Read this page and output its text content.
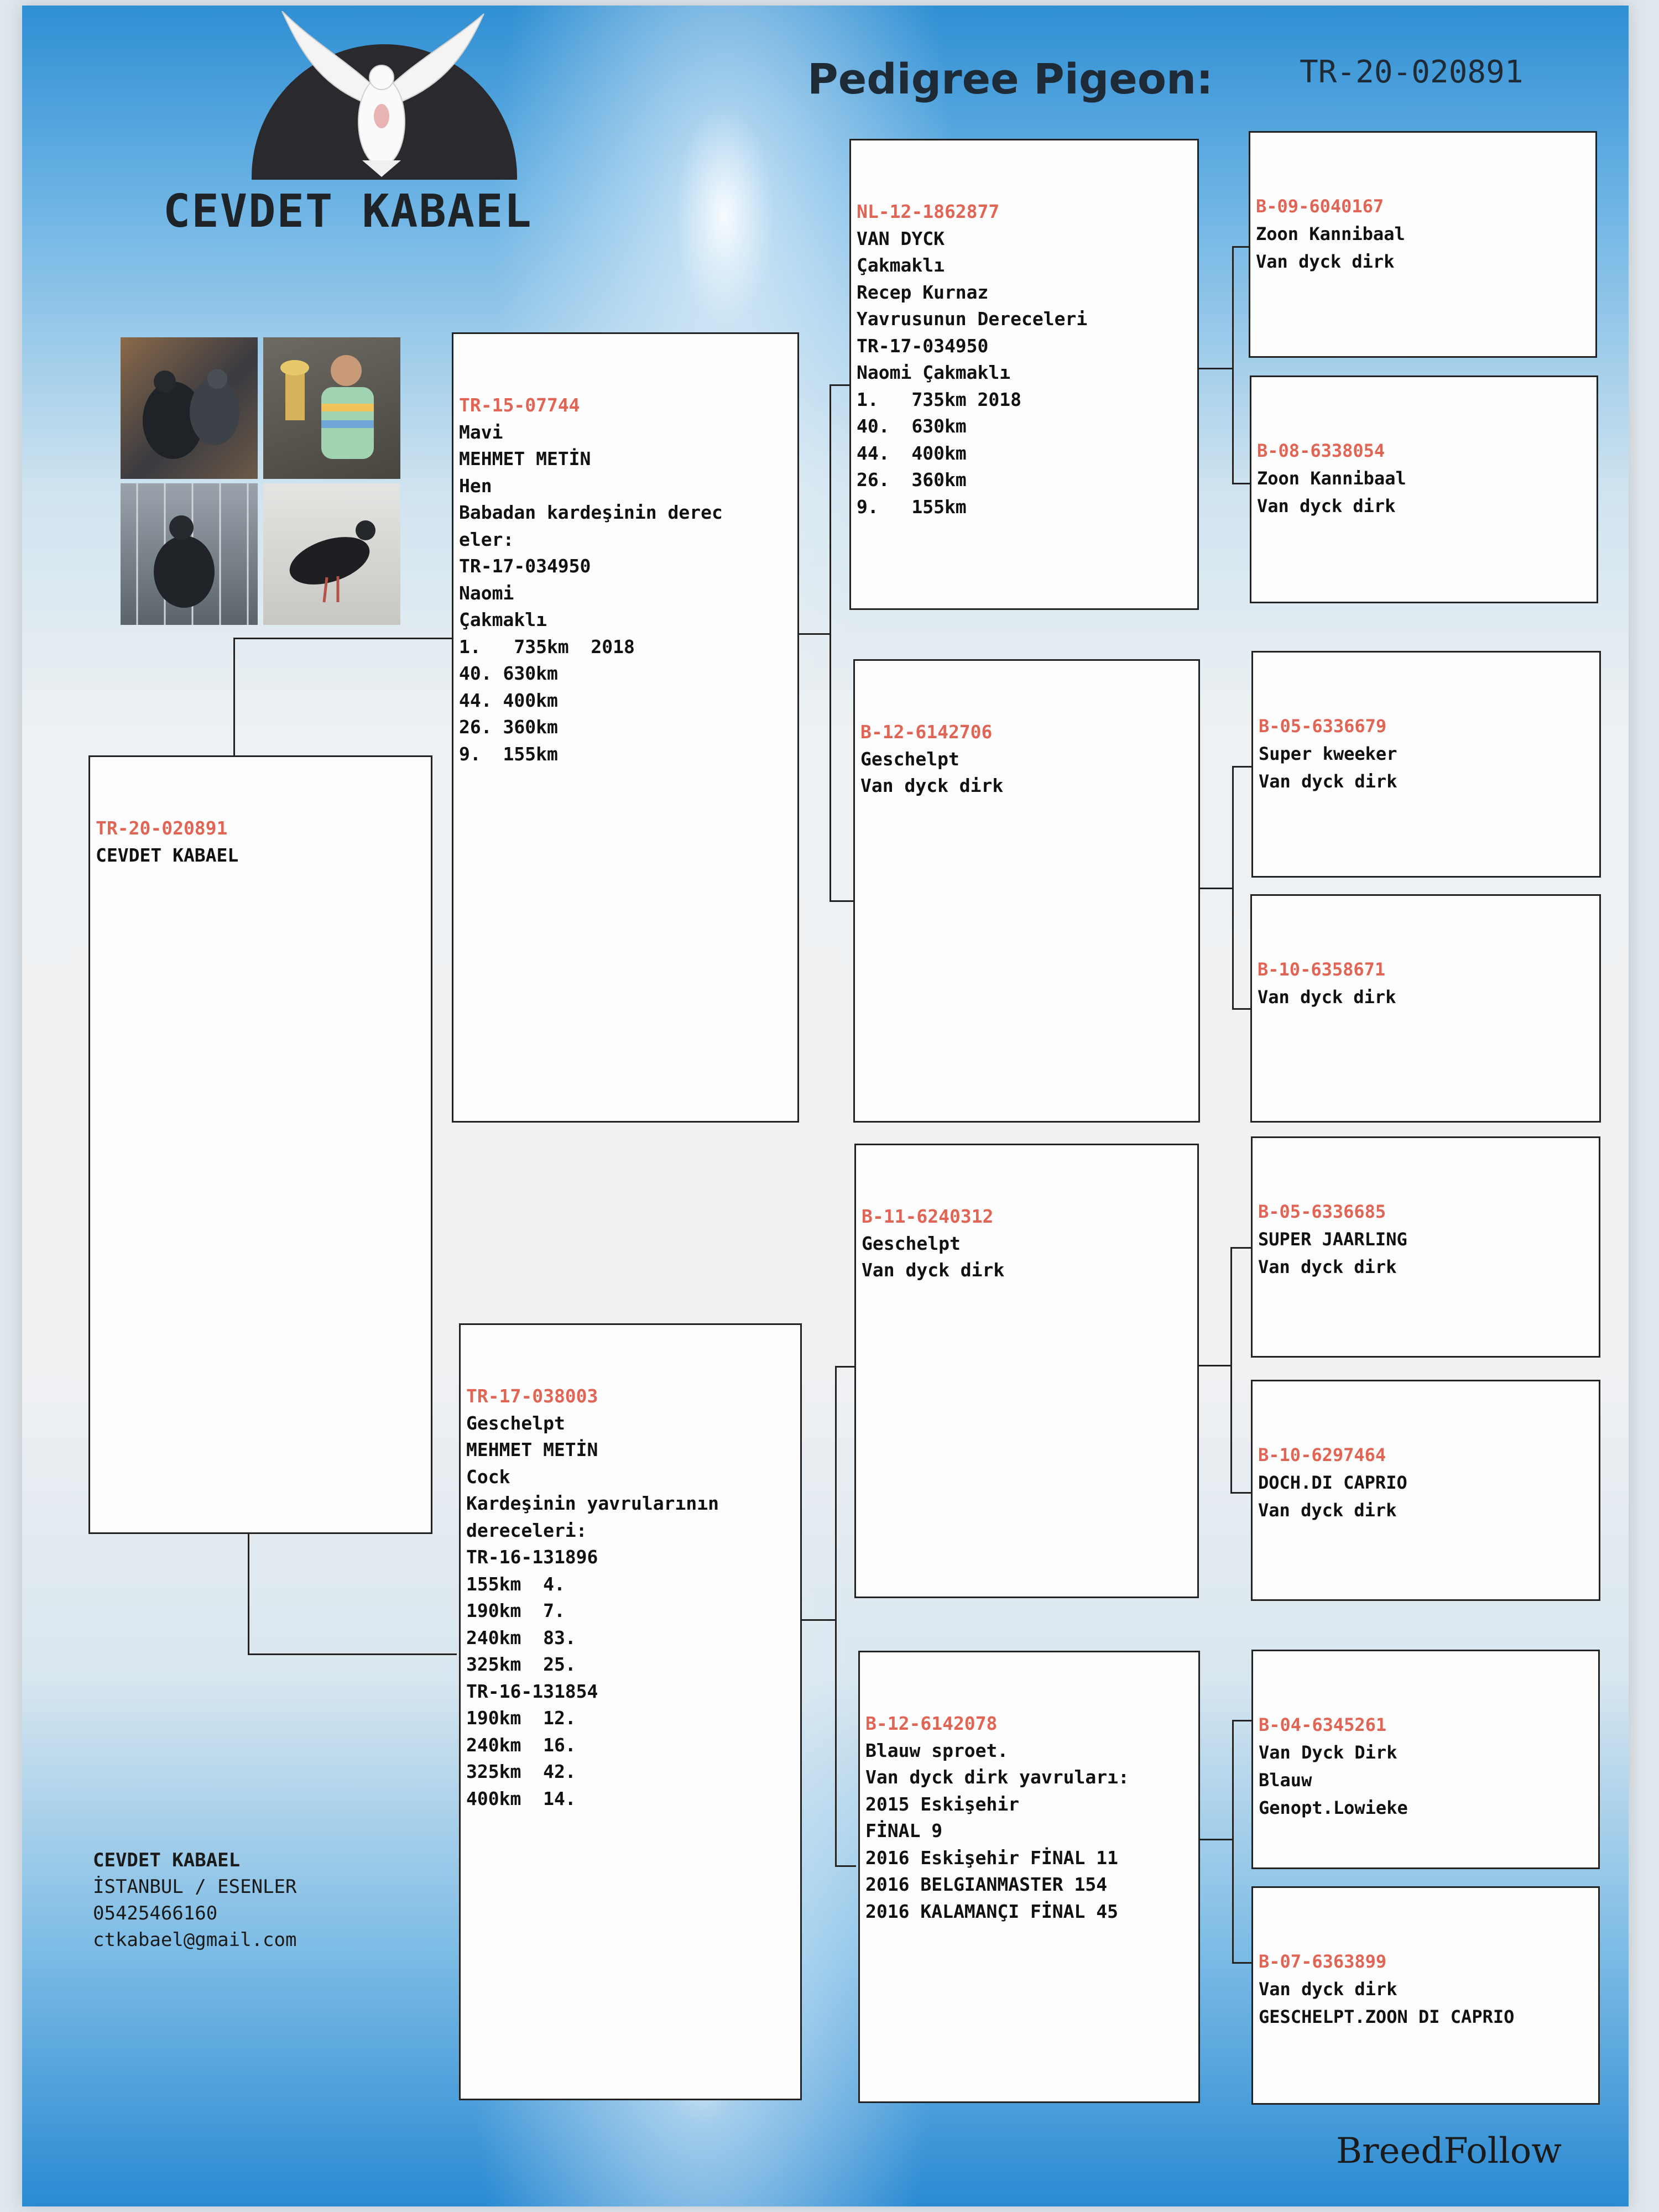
CEVDET KABAEL
Pedigree Pigeon:	TR-20-020891

TR-20-020891
CEVDET KABAEL

TR-15-07744
Mavi
MEHMET METİN
Hen
Babadan kardeşinin derec
eler:
TR-17-034950
Naomi
Çakmaklı
1.   735km  2018
40. 630km
44. 400km
26. 360km
9.  155km

TR-17-038003
Geschelpt
MEHMET METİN
Cock
Kardeşinin yavrularının
dereceleri:
TR-16-131896
155km  4.
190km  7.
240km  83.
325km  25.
TR-16-131854
190km  12.
240km  16.
325km  42.
400km  14.

NL-12-1862877
VAN DYCK
Çakmaklı
Recep Kurnaz
Yavrusunun Dereceleri
TR-17-034950
Naomi Çakmaklı
1.   735km 2018
40.  630km
44.  400km
26.  360km
9.   155km

B-12-6142706
Geschelpt
Van dyck dirk

B-11-6240312
Geschelpt
Van dyck dirk

B-12-6142078
Blauw sproet.
Van dyck dirk yavruları:
2015 Eskişehir
FİNAL 9
2016 Eskişehir FİNAL 11
2016 BELGIANMASTER 154
2016 KALAMANÇI FİNAL 45

B-09-6040167
Zoon Kannibaal
Van dyck dirk

B-08-6338054
Zoon Kannibaal
Van dyck dirk

B-05-6336679
Super kweeker
Van dyck dirk

B-10-6358671
Van dyck dirk

B-05-6336685
SUPER JAARLING
Van dyck dirk

B-10-6297464
DOCH.DI CAPRIO
Van dyck dirk

B-04-6345261
Van Dyck Dirk
Blauw
Genopt.Lowieke

B-07-6363899
Van dyck dirk
GESCHELPT.ZOON DI CAPRIO

CEVDET KABAEL
İSTANBUL / ESENLER
05425466160
ctkabael@gmail.com
BreedFollow
